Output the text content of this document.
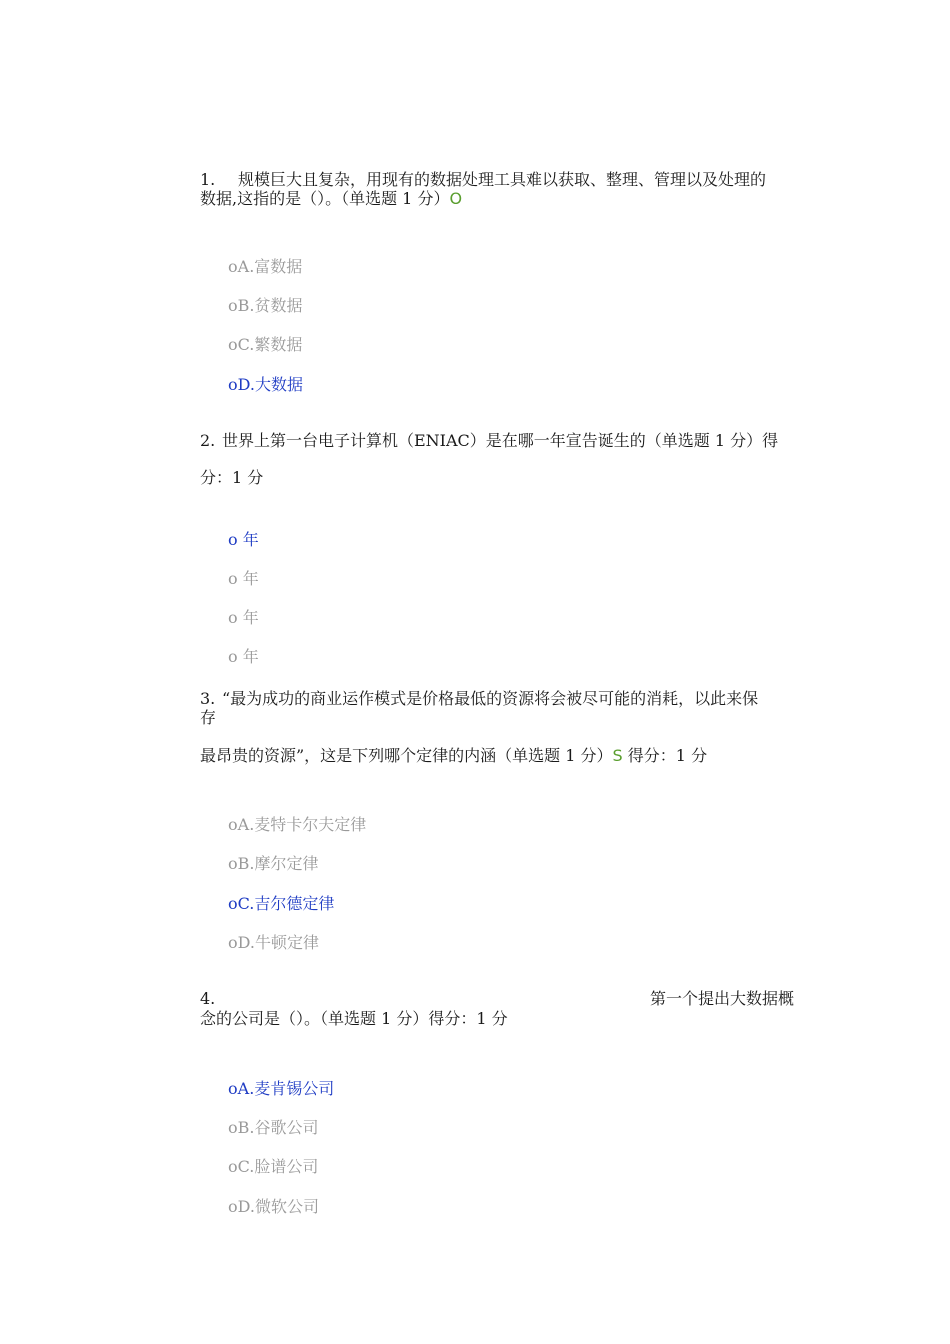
1. 规模巨大且复杂，用现有的数据处理工具难以获取、整理、管理以及处理的
数据,这指的是（）。（单选题 1 分）O
oA.富数据
oB.贫数据
oC.繁数据
oD.大数据
2. 世界上第一台电子计算机（ENIAC）是在哪一年宣告诞生的（单选题 1 分）得
分：1 分
o 年
o 年
o 年
o 年
3. “最为成功的商业运作模式是价格最低的资源将会被尽可能的消耗，以此来保
存
最昂贵的资源”，这是下列哪个定律的内涵（单选题 1 分）S 得分：1 分
oA.麦特卡尔夫定律
oB.摩尔定律
oC.吉尔德定律
oD.牛顿定律
4.	第一个提出大数据概
念的公司是（）。（单选题 1 分）得分：1 分
oA.麦肯锡公司
oB.谷歌公司
oC.脸谱公司
oD.微软公司
